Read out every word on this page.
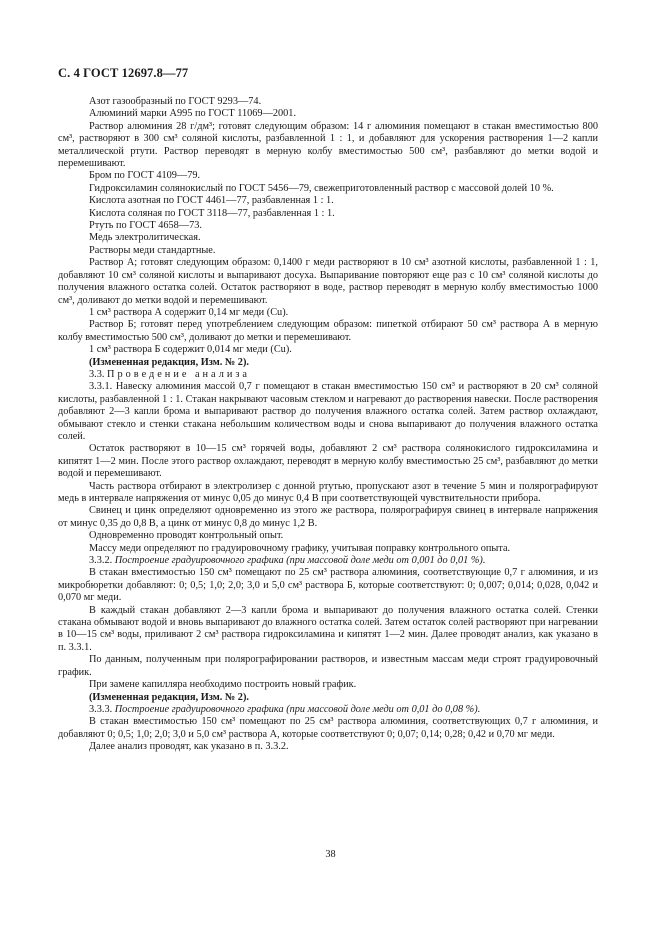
С. 4 ГОСТ 12697.8—77

Азот газообразный по ГОСТ 9293—74.

Алюминий марки А995 по ГОСТ 11069—2001.

Раствор алюминия 28 г/дм³; готовят следующим образом: 14 г алюминия помещают в стакан вместимостью 800 см³, растворяют в 300 см³ соляной кислоты, разбавленной 1 : 1, и добавляют для ускорения растворения 1—2 капли металлической ртути. Раствор переводят в мерную колбу вместимостью 500 см³, разбавляют до метки водой и перемешивают.

Бром по ГОСТ 4109—79.

Гидроксиламин солянокислый по ГОСТ 5456—79, свежеприготовленный раствор с массовой долей 10 %.

Кислота азотная по ГОСТ 4461—77, разбавленная 1 : 1.

Кислота соляная по ГОСТ 3118—77, разбавленная 1 : 1.

Ртуть по ГОСТ 4658—73.

Медь электролитическая.

Растворы меди стандартные.

Раствор А; готовят следующим образом: 0,1400 г меди растворяют в 10 см³ азотной кислоты, разбавленной 1 : 1, добавляют 10 см³ соляной кислоты и выпаривают досуха. Выпаривание повторяют еще раз с 10 см³ соляной кислоты до получения влажного остатка солей. Остаток растворяют в воде, раствор переводят в мерную колбу вместимостью 1000 см³, доливают до метки водой и перемешивают.

1 см³ раствора А содержит 0,14 мг меди (Cu).

Раствор Б; готовят перед употреблением следующим образом: пипеткой отбирают 50 см³ раствора А в мерную колбу вместимостью 500 см³, доливают до метки и перемешивают.

1 см³ раствора Б содержит 0,014 мг меди (Cu).

(Измененная редакция, Изм. № 2).

3.3. Проведение анализа

3.3.1. Навеску алюминия массой 0,7 г помещают в стакан вместимостью 150 см³ и растворяют в 20 см³ соляной кислоты, разбавленной 1 : 1. Стакан накрывают часовым стеклом и нагревают до растворения навески. После растворения добавляют 2—3 капли брома и выпаривают раствор до получения влажного остатка солей. Затем раствор охлаждают, обмывают стекло и стенки стакана небольшим количеством воды и снова выпаривают до получения влажного остатка солей.

Остаток растворяют в 10—15 см³ горячей воды, добавляют 2 см³ раствора солянокислого гидроксиламина и кипятят 1—2 мин. После этого раствор охлаждают, переводят в мерную колбу вместимостью 25 см³, разбавляют до метки водой и перемешивают.

Часть раствора отбирают в электролизер с донной ртутью, пропускают азот в течение 5 мин и полярографируют медь в интервале напряжения от минус 0,05 до минус 0,4 В при соответствующей чувствительности прибора.

Свинец и цинк определяют одновременно из этого же раствора, полярографируя свинец в интервале напряжения от минус 0,35 до 0,8 В, а цинк от минус 0,8 до минус 1,2 В.

Одновременно проводят контрольный опыт.

Массу меди определяют по градуировочному графику, учитывая поправку контрольного опыта.

3.3.2. Построение градуировочного графика (при массовой доле меди от 0,001 до 0,01 %).

В стакан вместимостью 150 см³ помещают по 25 см³ раствора алюминия, соответствующие 0,7 г алюминия, и из микробюретки добавляют: 0; 0,5; 1,0; 2,0; 3,0 и 5,0 см³ раствора Б, которые соответствуют: 0; 0,007; 0,014; 0,028, 0,042 и 0,070 мг меди.

В каждый стакан добавляют 2—3 капли брома и выпаривают до получения влажного остатка солей. Стенки стакана обмывают водой и вновь выпаривают до влажного остатка солей. Затем остаток солей растворяют при нагревании в 10—15 см³ воды, приливают 2 см³ раствора гидроксиламина и кипятят 1—2 мин. Далее проводят анализ, как указано в п. 3.3.1.

По данным, полученным при полярографировании растворов, и известным массам меди строят градуировочный график.

При замене капилляра необходимо построить новый график.

(Измененная редакция, Изм. № 2).

3.3.3. Построение градуировочного графика (при массовой доле меди от 0,01 до 0,08 %).

В стакан вместимостью 150 см³ помещают по 25 см³ раствора алюминия, соответствующих 0,7 г алюминия, и добавляют 0; 0,5; 1,0; 2,0; 3,0 и 5,0 см³ раствора А, которые соответствуют 0; 0,07; 0,14; 0,28; 0,42 и 0,70 мг меди.

Далее анализ проводят, как указано в п. 3.3.2.

38
